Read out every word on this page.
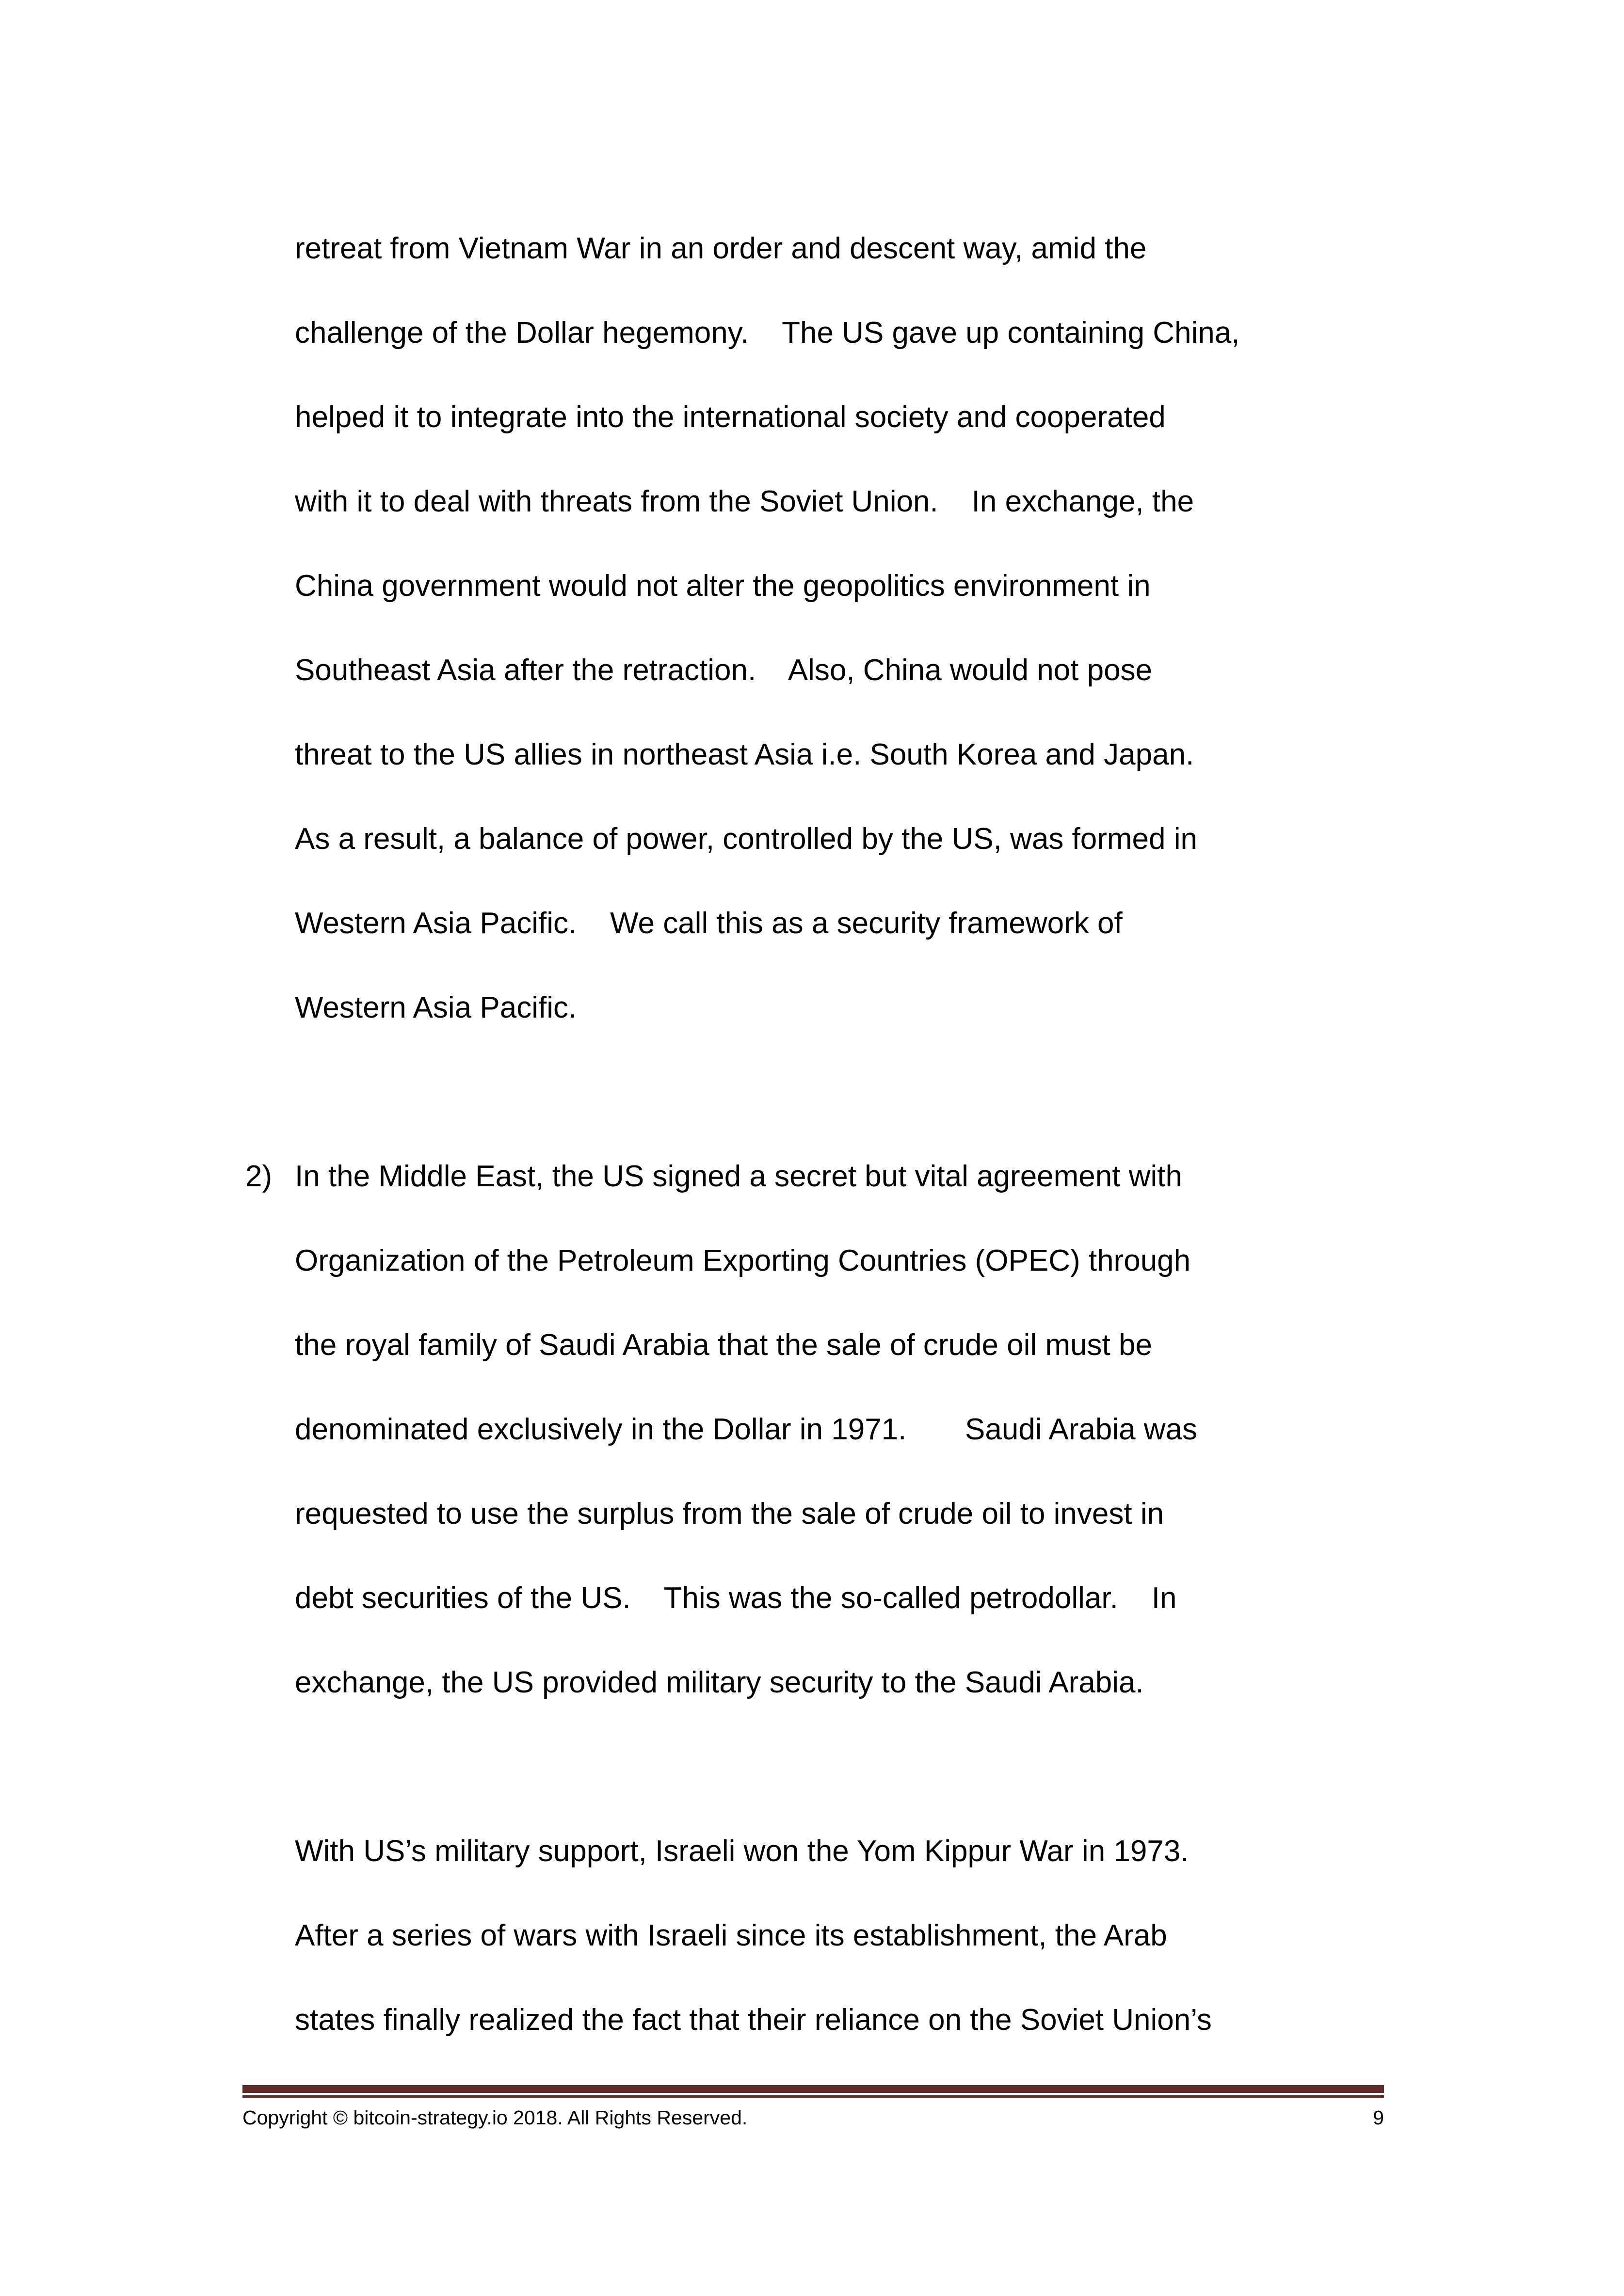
retreat from Vietnam War in an order and descent way, amid the
challenge of the Dollar hegemony.    The US gave up containing China,
helped it to integrate into the international society and cooperated
with it to deal with threats from the Soviet Union.    In exchange, the
China government would not alter the geopolitics environment in
Southeast Asia after the retraction.    Also, China would not pose
threat to the US allies in northeast Asia i.e. South Korea and Japan.
As a result, a balance of power, controlled by the US, was formed in
Western Asia Pacific.    We call this as a security framework of
Western Asia Pacific.
2) In the Middle East, the US signed a secret but vital agreement with
Organization of the Petroleum Exporting Countries (OPEC) through
the royal family of Saudi Arabia that the sale of crude oil must be
denominated exclusively in the Dollar in 1971.       Saudi Arabia was
requested to use the surplus from the sale of crude oil to invest in
debt securities of the US.    This was the so-called petrodollar.    In
exchange, the US provided military security to the Saudi Arabia.
With US’s military support, Israeli won the Yom Kippur War in 1973.
After a series of wars with Israeli since its establishment, the Arab
states finally realized the fact that their reliance on the Soviet Union’s
Copyright © bitcoin-strategy.io 2018. All Rights Reserved.	9
